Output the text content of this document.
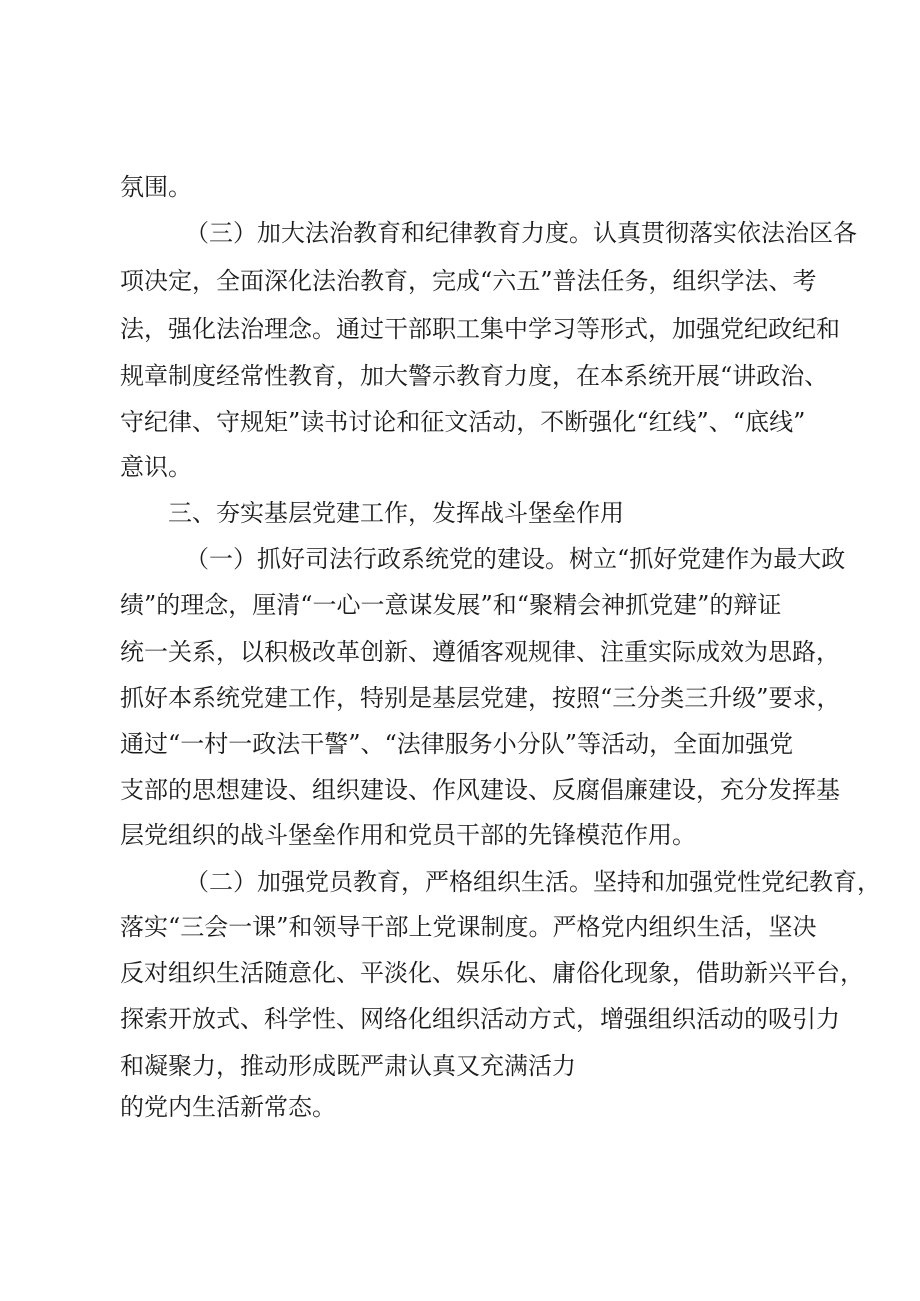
氛围。
（三）加大法治教育和纪律教育力度。认真贯彻落实依法治区各
项决定，全面深化法治教育，完成“六五”普法任务，组织学法、考
法，强化法治理念。通过干部职工集中学习等形式，加强党纪政纪和
规章制度经常性教育，加大警示教育力度，在本系统开展“讲政治、
守纪律、守规矩”读书讨论和征文活动，不断强化“红线”、“底线”
意识。
三、夯实基层党建工作，发挥战斗堡垒作用
（一）抓好司法行政系统党的建设。树立“抓好党建作为最大政
绩”的理念，厘清“一心一意谋发展”和“聚精会神抓党建”的辩证
统一关系，以积极改革创新、遵循客观规律、注重实际成效为思路，
抓好本系统党建工作，特别是基层党建，按照“三分类三升级”要求，
通过“一村一政法干警”、“法律服务小分队”等活动，全面加强党
支部的思想建设、组织建设、作风建设、反腐倡廉建设，充分发挥基
层党组织的战斗堡垒作用和党员干部的先锋模范作用。
（二）加强党员教育，严格组织生活。坚持和加强党性党纪教育，
落实“三会一课”和领导干部上党课制度。严格党内组织生活，坚决
反对组织生活随意化、平淡化、娱乐化、庸俗化现象，借助新兴平台，
探索开放式、科学性、网络化组织活动方式，增强组织活动的吸引力
和凝聚力，推动形成既严肃认真又充满活力
的党内生活新常态。
